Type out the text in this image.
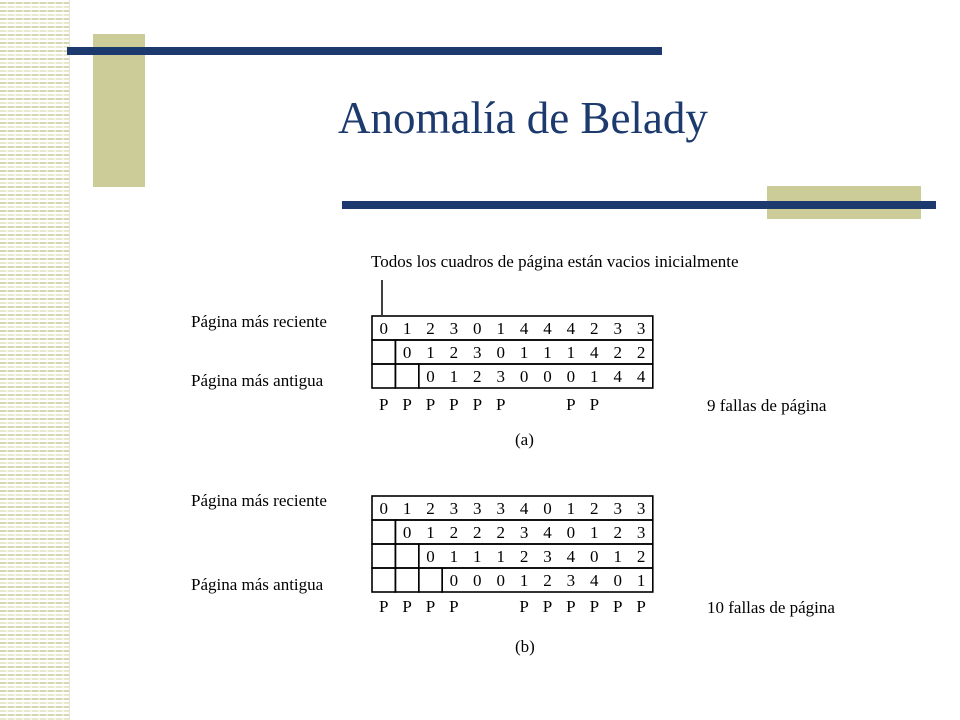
Anomalía de Belady
Todos los cuadros de página están vacios inicialmente
Página más reciente
Página más antigua
9 fallas de página
(a)
Página más reciente
Página más antigua
10 fallas de página
(b)
0 1 2 3 0 1 4 4 4 2 3 3
0 1 2 3 0 1 1 1 4 2 2
0 1 2 3 0 0 0 1 4 4
P P P P P P	P P
0 1 2 3 3 3 4 0 1 2 3 3
0 1 2 2 2 3 4 0 1 2 3
0 1 1 1 2 3 4 0 1 2
0 0 0 1 2 3 4 0 1
P P P P	P P P P P P
